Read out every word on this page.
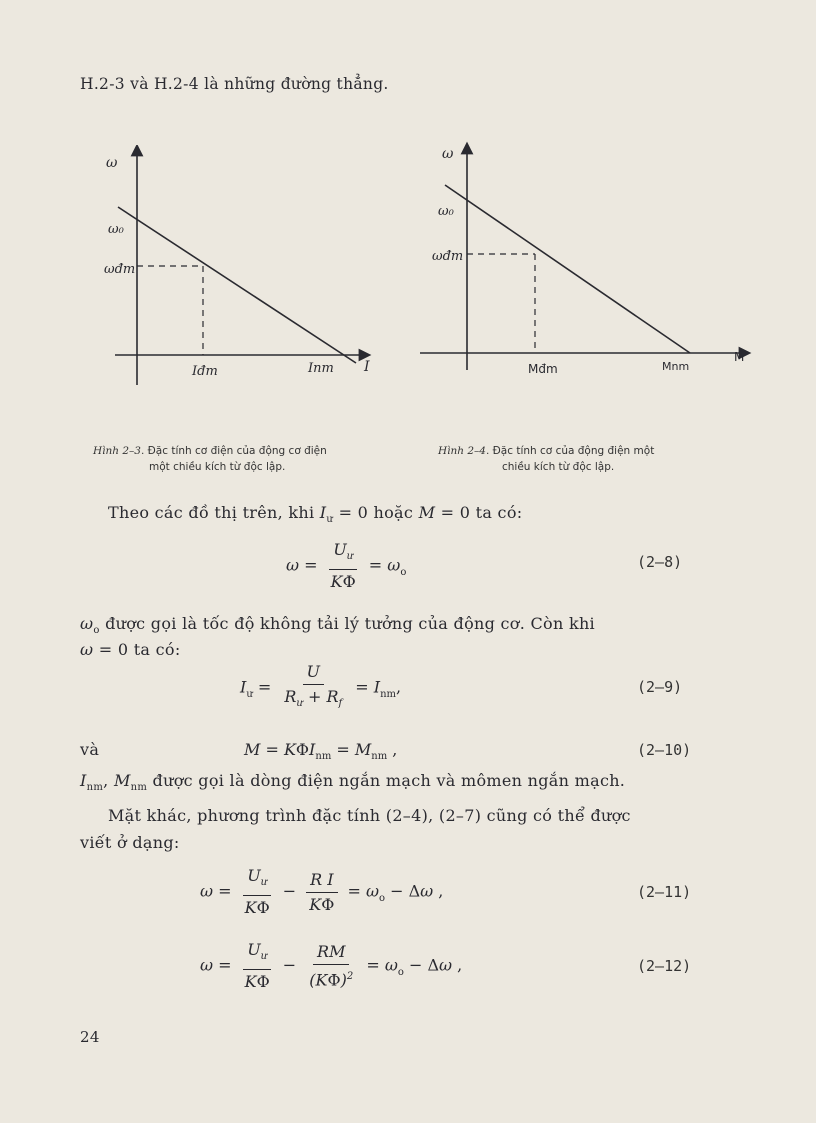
H.2-3 và H.2-4 là những đường thẳng.
ω
ω₀
ωđm
Iđm	Inm I
ω
ω₀
ωđm
Mđm	Mnm
M
Hình 2–3. Đặc tính cơ điện của động cơ điện
một chiều kích từ độc lập.
Hình 2–4. Đặc tính cơ của động điện một
chiều kích từ độc lập.
Theo các đồ thị trên, khi $I_ư = 0$ hoặc M = 0 ta có:
$\omega = \frac{U_ư}{K\Phi} = \omega_o$
(2–8)
$\omega_o$ được gọi là tốc độ không tải lý tưởng của động cơ. Còn khi
ω = 0 ta có:
$I_ư = \frac{U}{R_ư + R_f} = I_{nm}$,	(2–9)
và	$M = K\Phi I_{nm} = M_{nm}$ ,	(2–10)
$I_{nm}$, $M_{nm}$ được gọi là dòng điện ngắn mạch và mômen ngắn mạch.
Mặt khác, phương trình đặc tính (2–4), (2–7) cũng có thể được
viết ở dạng:
$\omega = \frac{U_ư}{K\Phi} - \frac{\text{R I}}{K\Phi} = \omega_o - \Delta\omega$ ,	(2–11)
$\omega = \frac{U_ư}{K\Phi} - \frac{RM}{(K\Phi)^2} = \omega_o - \Delta\omega$ ,	(2–12)
24
